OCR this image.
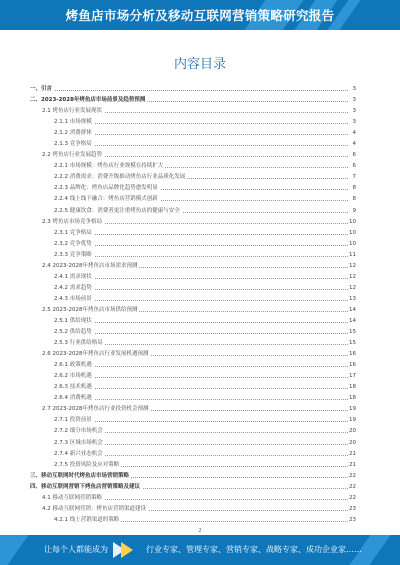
烤鱼店市场分析及移动互联网营销策略研究报告
内容目录
一、引言	3
二、2023-2028年烤鱼店市场前景及趋势预测	3
2.1 烤鱼店行业发展现状	3
2.1.1 市场规模	3
2.1.2 消费群体	4
2.1.3 竞争格局	4
2.2 烤鱼店行业发展趋势	6
2.2.1 市场规模：烤鱼店行业规模在持续扩大	6
2.2.2 消费需求：消费升级推动烤鱼店行业品质化发展	7
2.2.3 品牌化：烤鱼店品牌化趋势愈发明显	8
2.2.4 线上线下融合：烤鱼店营销模式创新	8
2.2.5 健康饮食：消费者更注重烤鱼店的健康与安全	9
2.3 烤鱼店市场竞争格局	10
2.3.1 竞争格局	10
2.3.2 竞争优势	10
2.3.3 竞争策略	11
2.4 2023-2028年烤鱼店市场需求预测	12
2.4.1 需求现状	12
2.4.2 需求趋势	12
2.4.3 市场前景	13
2.5 2023-2028年烤鱼店市场供给预测	14
2.5.1 供给现状	14
2.5.2 供给趋势	15
2.5.3 行业供给格局	15
2.6 2023-2028年烤鱼店行业发展机遇预测	16
2.6.1 政策机遇	16
2.6.2 市场机遇	17
2.6.3 技术机遇	18
2.6.4 消费机遇	18
2.7 2023-2028年烤鱼店行业投资机会预测	19
2.7.1 投资前景	19
2.7.2 细分市场机会	20
2.7.3 区域市场机会	20
2.7.4 新兴业态机会	21
2.7.5 投资风险及应对策略	21
三、移动互联网时代烤鱼店市场营销策略	22
四、移动互联网营销下烤鱼店营销策略及建议	22
4.1 移动互联网营销策略	22
4.2 移动互联网营销：烤鱼店营销渠道建设	23
4.2.1 线上营销渠道的策略	23
2
让每个人都能成为	行业专家、管理专家、营销专家、战略专家、成功企业家……
